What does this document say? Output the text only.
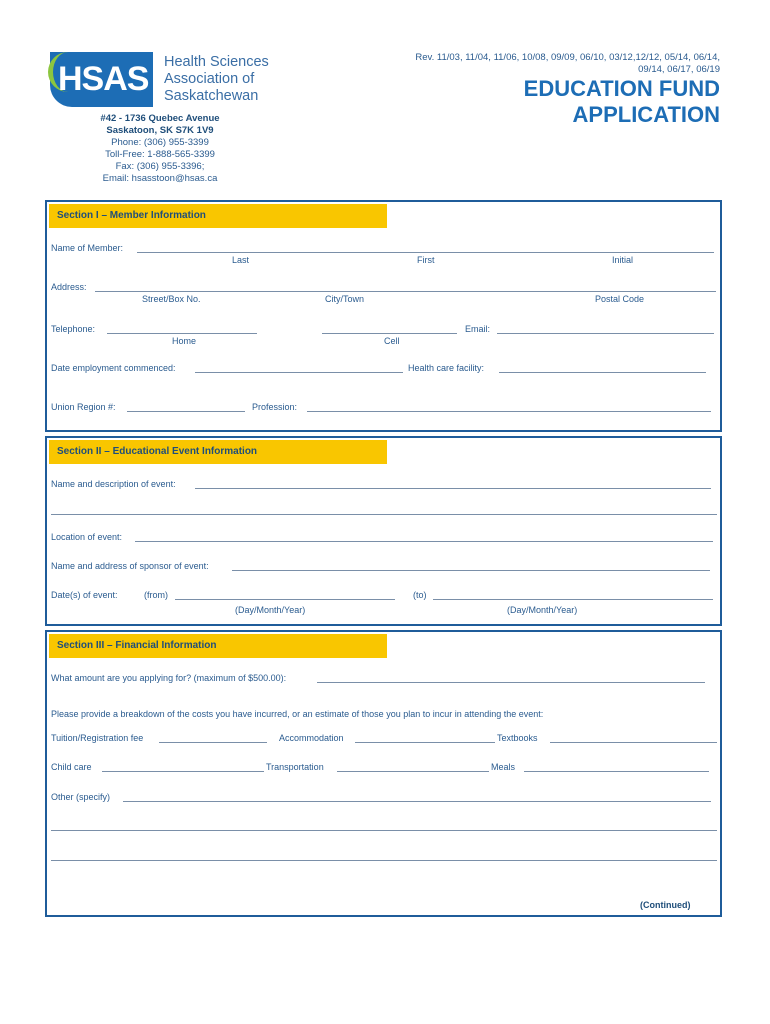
HSAS Health Sciences
Association of
Saskatchewan
#42 - 1736 Quebec Avenue
Saskatoon, SK S7K 1V9
Phone: (306) 955-3399
Toll-Free: 1-888-565-3399
Fax: (306) 955-3396;
Email: hsasstoon@hsas.ca
Rev. 11/03, 11/04, 11/06, 10/08, 09/09, 06/10, 03/12,12/12, 05/14, 06/14,
09/14, 06/17, 06/19
EDUCATION FUND
APPLICATION
Section I – Member Information
Name of Member:
Last	First	Initial
Address:
Street/Box No.	City/Town	Postal Code
Telephone:	Email:
Home	Cell
Date employment commenced:	Health care facility:
Union Region #:	Profession:
Section II – Educational Event Information
Name and description of event:
Location of event:
Name and address of sponsor of event:
Date(s) of event:	(from)	(to)
(Day/Month/Year)	(Day/Month/Year)
Section III – Financial Information
What amount are you applying for? (maximum of $500.00):
Please provide a breakdown of the costs you have incurred, or an estimate of those you plan to incur in attending the event:
Tuition/Registration fee	Accommodation	Textbooks
Child care	Transportation	Meals
Other (specify)
(Continued)
